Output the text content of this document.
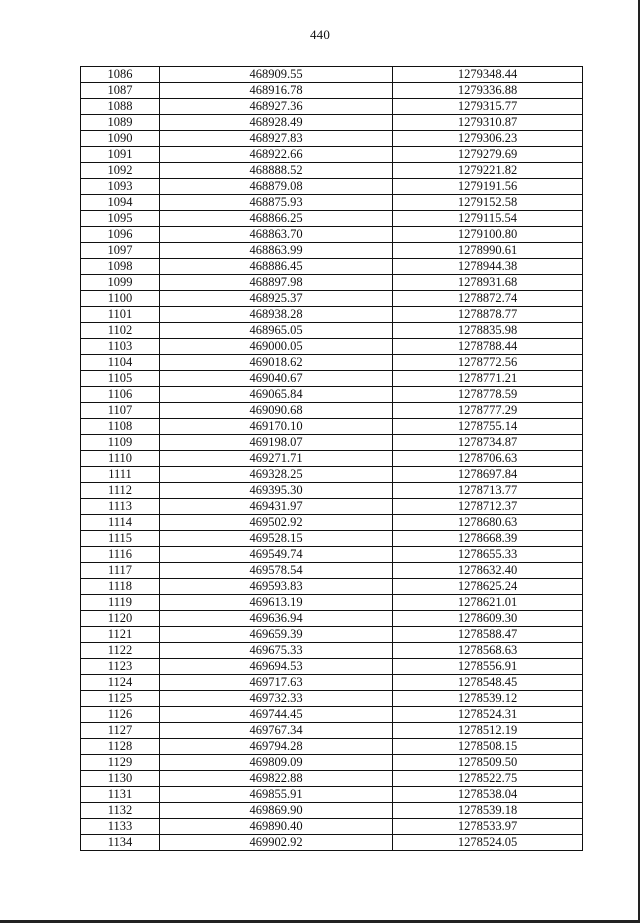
440
1086	468909.55	1279348.44
1087	468916.78	1279336.88
1088	468927.36	1279315.77
1089	468928.49	1279310.87
1090	468927.83	1279306.23
1091	468922.66	1279279.69
1092	468888.52	1279221.82
1093	468879.08	1279191.56
1094	468875.93	1279152.58
1095	468866.25	1279115.54
1096	468863.70	1279100.80
1097	468863.99	1278990.61
1098	468886.45	1278944.38
1099	468897.98	1278931.68
1100	468925.37	1278872.74
1101	468938.28	1278878.77
1102	468965.05	1278835.98
1103	469000.05	1278788.44
1104	469018.62	1278772.56
1105	469040.67	1278771.21
1106	469065.84	1278778.59
1107	469090.68	1278777.29
1108	469170.10	1278755.14
1109	469198.07	1278734.87
1110	469271.71	1278706.63
1111	469328.25	1278697.84
1112	469395.30	1278713.77
1113	469431.97	1278712.37
1114	469502.92	1278680.63
1115	469528.15	1278668.39
1116	469549.74	1278655.33
1117	469578.54	1278632.40
1118	469593.83	1278625.24
1119	469613.19	1278621.01
1120	469636.94	1278609.30
1121	469659.39	1278588.47
1122	469675.33	1278568.63
1123	469694.53	1278556.91
1124	469717.63	1278548.45
1125	469732.33	1278539.12
1126	469744.45	1278524.31
1127	469767.34	1278512.19
1128	469794.28	1278508.15
1129	469809.09	1278509.50
1130	469822.88	1278522.75
1131	469855.91	1278538.04
1132	469869.90	1278539.18
1133	469890.40	1278533.97
1134	469902.92	1278524.05
